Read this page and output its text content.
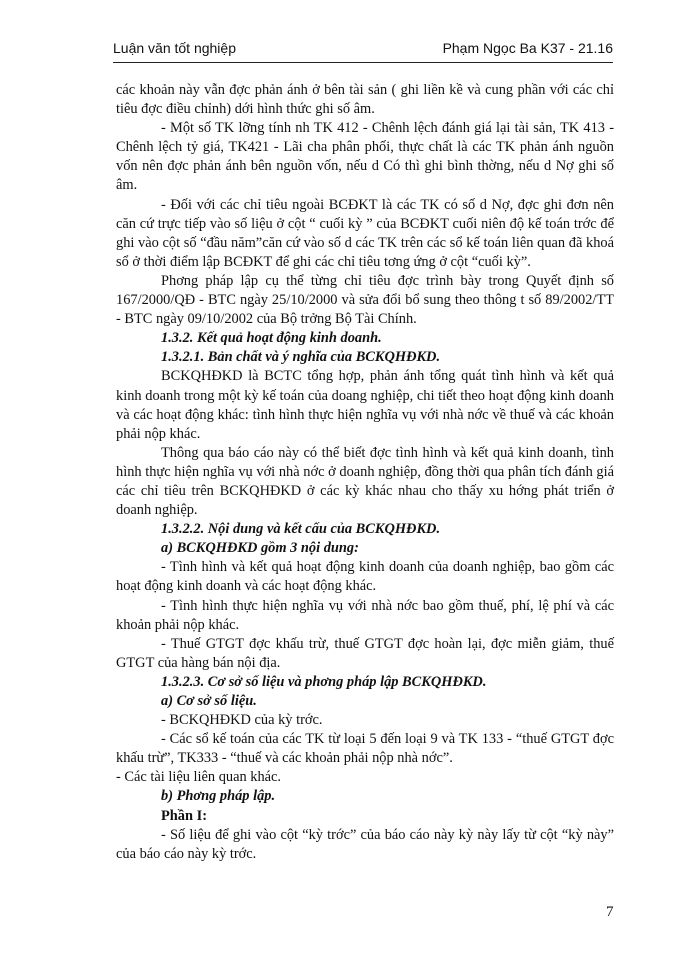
Luận văn tốt nghiệp	Phạm Ngọc Ba K37 - 21.16

các khoản này vẫn đợc phản ánh ở bên tài sản ( ghi liền kề và cung phần với các chỉ tiêu đợc điều chỉnh) dới hình thức ghi số âm.

- Một số TK lỡng tính nh TK 412 - Chênh lệch đánh giá lại tài sản, TK 413 - Chênh lệch tỷ giá, TK421 - Lãi cha phân phối, thực chất là các TK phản ánh nguồn vốn nên đợc phản ánh bên nguồn vốn, nếu d Có thì ghi bình thờng, nếu d Nợ ghi số âm.

- Đối với các chỉ tiêu ngoài BCĐKT là các TK có số d Nợ, đợc ghi đơn nên căn cứ trực tiếp vào số liệu ở cột “ cuối kỳ ” của BCĐKT cuối niên độ kế toán trớc để ghi vào cột số “đầu năm”căn cứ vào số d các TK trên các sổ kế toán liên quan đã khoá sổ ở thời điểm lập BCĐKT để ghi các chỉ tiêu tơng ứng ở cột “cuối kỳ”.

Phơng pháp lập cụ thể từng chỉ tiêu đợc trình bày trong Quyết định số 167/2000/QĐ - BTC ngày 25/10/2000 và sửa đổi bổ sung theo thông t số 89/2002/TT - BTC ngày 09/10/2002 của Bộ trởng Bộ Tài Chính.

1.3.2. Kết quả hoạt động kinh doanh.

1.3.2.1. Bản chất và ý nghĩa của BCKQHĐKD.

BCKQHĐKD là BCTC tổng hợp, phản ánh tổng quát tình hình và kết quả kinh doanh trong một kỳ kế toán của doang nghiệp, chi tiết theo hoạt động kinh doanh và các hoạt động khác: tình hình thực hiện nghĩa vụ với nhà nớc về thuế và các khoản phải nộp khác.

Thông qua báo cáo này có thể biết đợc tình hình và kết quả kinh doanh, tình hình thực hiện nghĩa vụ với nhà nớc ở doanh nghiệp, đồng thời qua phân tích đánh giá các chỉ tiêu trên BCKQHĐKD ở các kỳ khác nhau cho thấy xu hớng phát triển ở doanh nghiệp.

1.3.2.2. Nội dung và kết cấu của BCKQHĐKD.

a) BCKQHĐKD gồm 3 nội dung:

- Tình hình và kết quả hoạt động kinh doanh của doanh nghiệp, bao gồm các hoạt động kinh doanh và các hoạt động khác.

- Tình hình thực hiện nghĩa vụ với nhà nớc bao gồm thuế, phí, lệ phí và các khoản phải nộp khác.

- Thuế GTGT đợc khấu trừ, thuế GTGT đợc hoàn lại, đợc miễn giảm, thuế GTGT của hàng bán nội địa.

1.3.2.3. Cơ sở số liệu và phơng pháp lập BCKQHĐKD.

a) Cơ sở số liệu.

- BCKQHĐKD của kỳ trớc.

- Các sổ kế toán của các TK từ loại 5 đến loại 9 và TK 133 - “thuế GTGT đợc khấu trừ”, TK333 - “thuế và các khoản phải nộp nhà nớc”.

- Các tài liệu liên quan khác.

b) Phơng pháp lập.

Phần I:

- Số liệu để ghi vào cột “kỳ trớc” của báo cáo này kỳ này lấy từ cột “kỳ này” của báo cáo này kỳ trớc.

7
